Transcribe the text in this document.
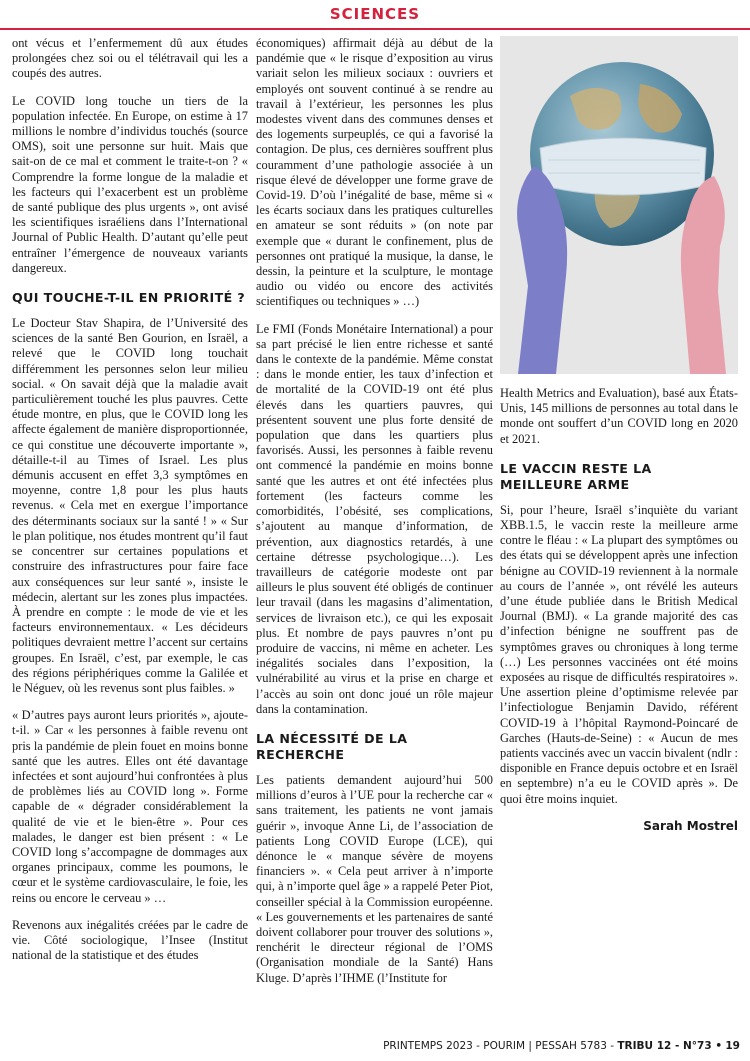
SCIENCES

ont vécus et l’enfermement dû aux études prolongées chez soi ou el télétravail qui les a coupés des autres.

Le COVID long touche un tiers de la population infectée. En Europe, on estime à 17 millions le nombre d’individus touchés (source OMS), soit une personne sur huit. Mais que sait-on de ce mal et comment le traite-t-on ? « Comprendre la forme longue de la maladie et les facteurs qui l’exacerbent est un problème de santé publique des plus urgents », ont avisé les scientifiques israéliens dans l’International Journal of Public Health. D’autant qu’elle peut entraîner l’émergence de nouveaux variants dangereux.

QUI TOUCHE-T-IL EN PRIORITÉ ?

Le Docteur Stav Shapira, de l’Université des sciences de la santé Ben Gourion, en Israël, a relevé que le COVID long touchait différemment les personnes selon leur milieu social. « On savait déjà que la maladie avait particulièrement touché les plus pauvres. Cette étude montre, en plus, que le COVID long les affecte également de manière disproportionnée, ce qui constitue une découverte importante », détaille-t-il au Times of Israel. Les plus démunis accusent en effet 3,3 symptômes en moyenne, contre 1,8 pour les plus hauts revenus. « Cela met en exergue l’importance des déterminants sociaux sur la santé ! » « Sur le plan politique, nos études montrent qu’il faut se concentrer sur certaines populations et construire des infrastructures pour faire face aux conséquences sur leur santé », insiste le médecin, alertant sur les zones plus impactées. À prendre en compte : le mode de vie et les facteurs environnementaux. « Les décideurs politiques devraient mettre l’accent sur certains groupes. En Israël, c’est, par exemple, le cas des régions périphériques comme la Galilée et le Néguev, où les revenus sont plus faibles. »

« D’autres pays auront leurs priorités », ajoute-t-il. » Car « les personnes à faible revenu ont pris la pandémie de plein fouet en moins bonne santé que les autres. Elles ont été davantage infectées et sont aujourd’hui confrontées à plus de problèmes liés au COVID long ». Forme capable de « dégrader considérablement la qualité de vie et le bien-être ». Pour ces malades, le danger est bien présent : « Le COVID long s’accompagne de dommages aux organes principaux, comme les poumons, le cœur et le système cardiovasculaire, le foie, les reins ou encore le cerveau » …

Revenons aux inégalités créées par le cadre de vie. Côté sociologique, l’Insee (Institut national de la statistique et des études

économiques) affirmait déjà au début de la pandémie que « le risque d’exposition au virus variait selon les milieux sociaux : ouvriers et employés ont souvent continué à se rendre au travail à l’extérieur, les personnes les plus modestes vivent dans des communes denses et des logements surpeuplés, ce qui a favorisé la contagion. De plus, ces dernières souffrent plus couramment d’une pathologie associée à un risque élevé de développer une forme grave de Covid-19. D’où l’inégalité de base, même si « les écarts sociaux dans les pratiques culturelles en amateur se sont réduits » (on note par exemple que « durant le confinement, plus de personnes ont pratiqué la musique, la danse, le dessin, la peinture et la sculpture, le montage audio ou vidéo ou encore des activités scientifiques ou techniques » …)

Le FMI (Fonds Monétaire International) a pour sa part précisé le lien entre richesse et santé dans le contexte de la pandémie. Même constat : dans le monde entier, les taux d’infection et de mortalité de la COVID-19 ont été plus élevés dans les quartiers pauvres, qui présentent souvent une plus forte densité de population que dans les quartiers plus favorisés. Aussi, les personnes à faible revenu ont commencé la pandémie en moins bonne santé que les autres et ont été infectées plus fortement (les facteurs comme les comorbidités, l’obésité, ses complications, s’ajoutent au manque d’information, de prévention, aux diagnostics retardés, à une certaine détresse psychologique…). Les travailleurs de catégorie modeste ont par ailleurs le plus souvent été obligés de continuer leur travail (dans les magasins d’alimentation, services de livraison etc.), ce qui les exposait plus. Et nombre de pays pauvres n’ont pu produire de vaccins, ni même en acheter. Les inégalités sociales dans l’exposition, la vulnérabilité au virus et la prise en charge et l’accès au soin ont donc joué un rôle majeur dans la contamination.

LA NÉCESSITÉ DE LA RECHERCHE

Les patients demandent aujourd’hui 500 millions d’euros à l’UE pour la recherche car « sans traitement, les patients ne vont jamais guérir », invoque Anne Li, de l’association de patients Long COVID Europe (LCE), qui dénonce le « manque sévère de moyens financiers ». « Cela peut arriver à n’importe qui, à n’importe quel âge » a rappelé Peter Piot, conseiller spécial à la Commission européenne. « Les gouvernements et les partenaires de santé doivent collaborer pour trouver des solutions », renchérit le directeur régional de l’OMS (Organisation mondiale de la Santé) Hans Kluge. D’après l’IHME (l’Institute for

Health Metrics and Evaluation), basé aux États-Unis, 145 millions de personnes au total dans le monde ont souffert d’un COVID long en 2020 et 2021.

LE VACCIN RESTE LA MEILLEURE ARME

Si, pour l’heure, Israël s’inquiète du variant XBB.1.5, le vaccin reste la meilleure arme contre le fléau : « La plupart des symptômes ou des états qui se développent après une infection bénigne au COVID-19 reviennent à la normale au cours de l’année », ont révélé les auteurs d’une étude publiée dans le British Medical Journal (BMJ). « La grande majorité des cas d’infection bénigne ne souffrent pas de symptômes graves ou chroniques à long terme (…) Les personnes vaccinées ont été moins exposées au risque de difficultés respiratoires ». Une assertion pleine d’optimisme relevée par l’infectiologue Benjamin Davido, référent COVID-19 à l’hôpital Raymond-Poincaré de Garches (Hauts-de-Seine) : « Aucun de mes patients vaccinés avec un vaccin bivalent (ndlr : disponible en France depuis octobre et en Israël en septembre) n’a eu le COVID après ». De quoi être moins inquiet.

Sarah Mostrel
PRINTEMPS 2023 - POURIM | PESSAH 5783 - TRIBU 12 - N°73 • 19
